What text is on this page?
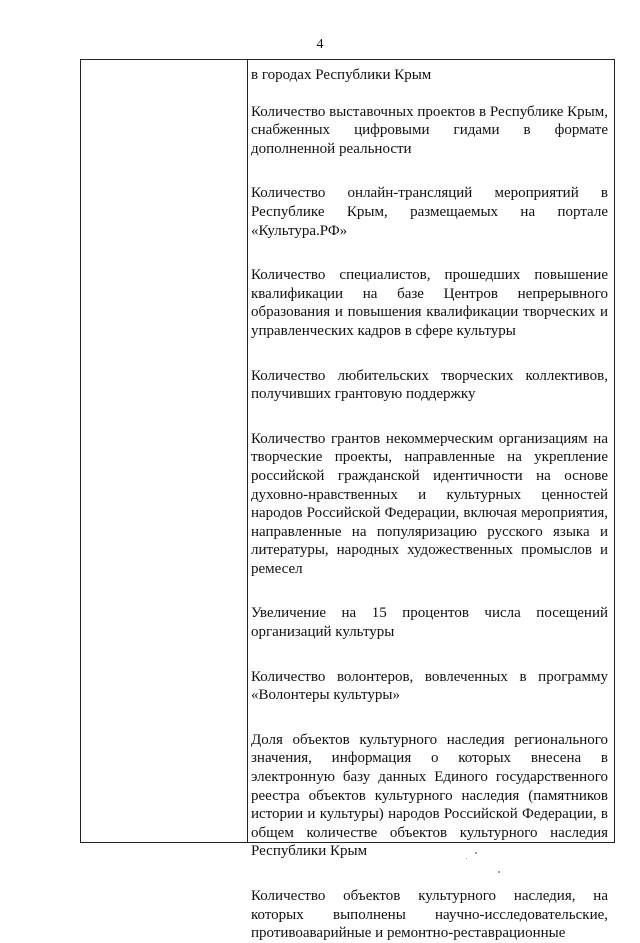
4

в городах Республики Крым

Количество выставочных проектов в Республике Крым, снабженных цифровыми гидами в формате дополненной реальности

Количество онлайн-трансляций мероприятий в Республике Крым, размещаемых на портале «Культура.РФ»

Количество специалистов, прошедших повышение квалификации на базе Центров непрерывного образования и повышения квалификации творческих и управленческих кадров в сфере культуры

Количество любительских творческих коллективов, получивших грантовую поддержку

Количество грантов некоммерческим организациям на творческие проекты, направленные на укрепление российской гражданской идентичности на основе духовно-нравственных и культурных ценностей народов Российской Федерации, включая мероприятия, направленные на популяризацию русского языка и литературы, народных художественных промыслов и ремесел

Увеличение на 15 процентов числа посещений организаций культуры

Количество волонтеров, вовлеченных в программу «Волонтеры культуры»

Доля объектов культурного наследия регионального значения, информация о которых внесена в электронную базу данных Единого государственного реестра объектов культурного наследия (памятников истории и культуры) народов Российской Федерации, в общем количестве объектов культурного наследия Республики Крым

Количество объектов культурного наследия, на которых выполнены научно-исследовательские, противоаварийные и ремонтно-реставрационные
